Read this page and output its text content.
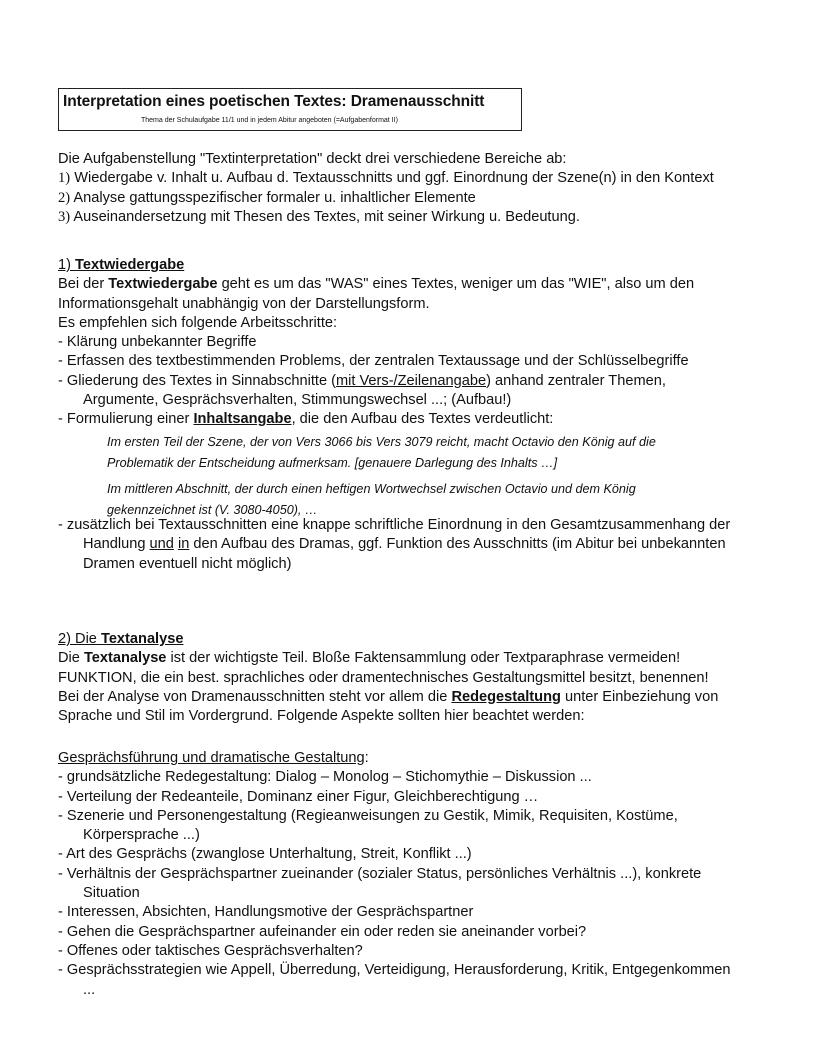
Interpretation eines poetischen Textes: Dramenausschnitt
Thema der Schulaufgabe 11/1 und in jedem Abitur angeboten (=Aufgabenformat II)
Die Aufgabenstellung "Textinterpretation" deckt drei verschiedene Bereiche ab:
1) Wiedergabe v. Inhalt u. Aufbau d. Textausschnitts und ggf. Einordnung der Szene(n) in den Kontext
2) Analyse gattungsspezifischer formaler u. inhaltlicher Elemente
3) Auseinandersetzung mit Thesen des Textes, mit seiner Wirkung u. Bedeutung.
1) Textwiedergabe
Bei der Textwiedergabe geht es um das "WAS" eines Textes, weniger um das "WIE", also um den
Informationsgehalt unabhängig von der Darstellungsform.
Es empfehlen sich folgende Arbeitsschritte:
- Klärung unbekannter Begriffe
- Erfassen des textbestimmenden Problems, der zentralen Textaussage und der Schlüsselbegriffe
- Gliederung des Textes in Sinnabschnitte (mit Vers-/Zeilenangabe) anhand zentraler Themen,
Argumente, Gesprächsverhalten, Stimmungswechsel ...; (Aufbau!)
- Formulierung einer Inhaltsangabe, die den Aufbau des Textes verdeutlicht:
Im ersten Teil der Szene, der von Vers 3066 bis Vers 3079 reicht, macht Octavio den König auf die
Problematik der Entscheidung aufmerksam. [genauere Darlegung des Inhalts …]
Im mittleren Abschnitt, der durch einen heftigen Wortwechsel zwischen Octavio und dem König
gekennzeichnet ist (V. 3080-4050), …
- zusätzlich bei Textausschnitten eine knappe schriftliche Einordnung in den Gesamtzusammenhang der
Handlung und in den Aufbau des Dramas, ggf. Funktion des Ausschnitts (im Abitur bei unbekannten
Dramen eventuell nicht möglich)
2) Die Textanalyse
Die Textanalyse ist der wichtigste Teil. Bloße Faktensammlung oder Textparaphrase vermeiden!
FUNKTION, die ein best. sprachliches oder dramentechnisches Gestaltungsmittel besitzt, benennen!
Bei der Analyse von Dramenausschnitten steht vor allem die Redegestaltung unter Einbeziehung von
Sprache und Stil im Vordergrund. Folgende Aspekte sollten hier beachtet werden:
Gesprächsführung und dramatische Gestaltung:
- grundsätzliche Redegestaltung: Dialog – Monolog – Stichomythie – Diskussion ...
- Verteilung der Redeanteile, Dominanz einer Figur, Gleichberechtigung …
- Szenerie und Personengestaltung (Regieanweisungen zu Gestik, Mimik, Requisiten, Kostüme,
Körpersprache ...)
- Art des Gesprächs (zwanglose Unterhaltung, Streit, Konflikt ...)
- Verhältnis der Gesprächspartner zueinander (sozialer Status, persönliches Verhältnis ...), konkrete
Situation
- Interessen, Absichten, Handlungsmotive der Gesprächspartner
- Gehen die Gesprächspartner aufeinander ein oder reden sie aneinander vorbei?
- Offenes oder taktisches Gesprächsverhalten?
- Gesprächsstrategien wie Appell, Überredung, Verteidigung, Herausforderung, Kritik, Entgegenkommen
...
